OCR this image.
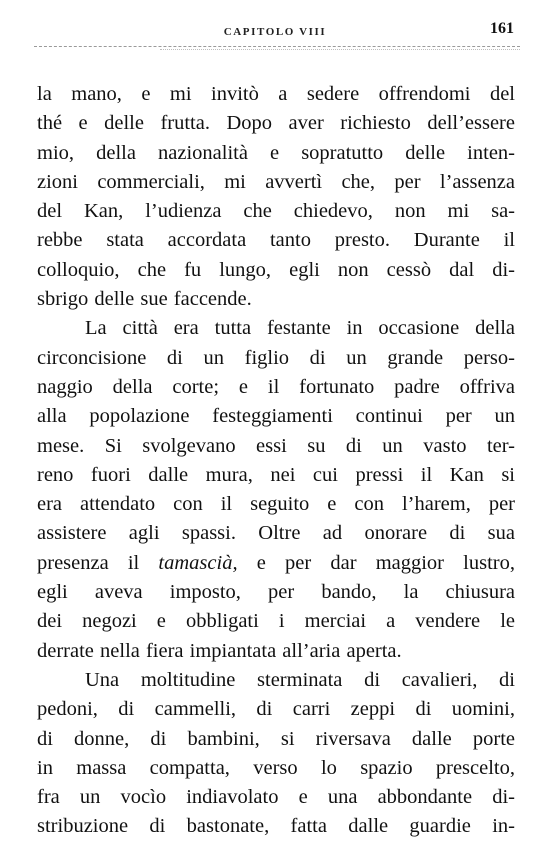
CAPITOLO VIII	161
la mano, e mi invitò a sedere offrendomi del
thé e delle frutta. Dopo aver richiesto dell’essere
mio, della nazionalità e sopratutto delle inten-
zioni commerciali, mi avvertì che, per l’assenza
del Kan, l’udienza che chiedevo, non mi sa-
rebbe stata accordata tanto presto. Durante il
colloquio, che fu lungo, egli non cessò dal di-
sbrigo delle sue faccende.
La città era tutta festante in occasione della
circoncisione di un figlio di un grande perso-
naggio della corte; e il fortunato padre offriva
alla popolazione festeggiamenti continui per un
mese. Si svolgevano essi su di un vasto ter-
reno fuori dalle mura, nei cui pressi il Kan si
era attendato con il seguito e con l’harem, per
assistere agli spassi. Oltre ad onorare di sua
presenza il tamascià, e per dar maggior lustro,
egli aveva imposto, per bando, la chiusura
dei negozi e obbligati i merciai a vendere le
derrate nella fiera impiantata all’aria aperta.
Una moltitudine sterminata di cavalieri, di
pedoni, di cammelli, di carri zeppi di uomini,
di donne, di bambini, si riversava dalle porte
in massa compatta, verso lo spazio prescelto,
fra un vocìo indiavolato e una abbondante di-
stribuzione di bastonate, fatta dalle guardie in-
